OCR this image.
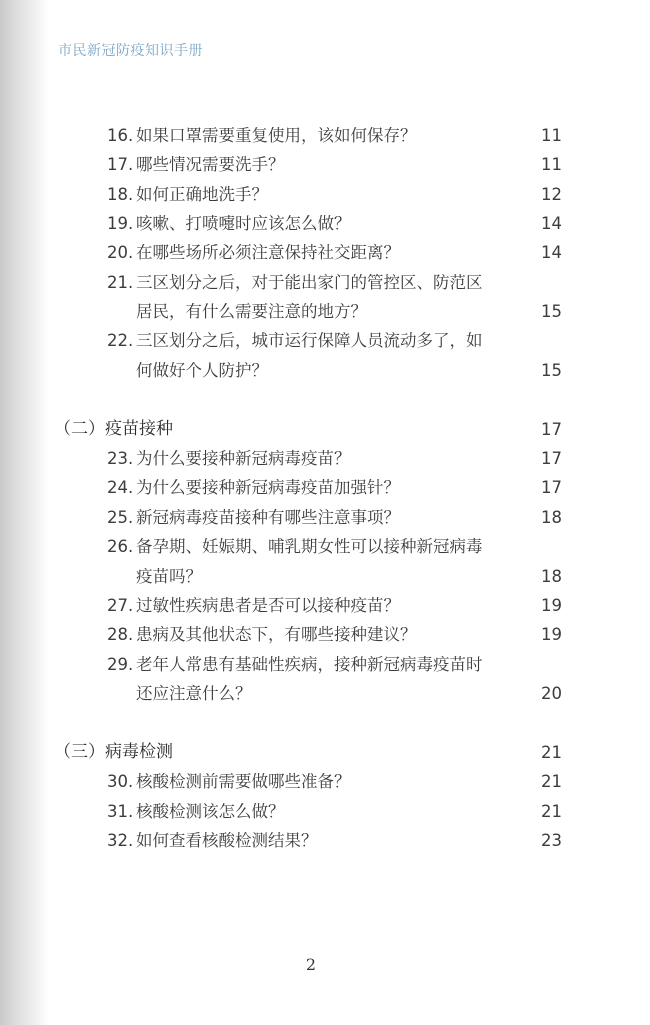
市民新冠防疫知识手册
16. 如果口罩需要重复使用，该如何保存？	11
17. 哪些情况需要洗手？	11
18. 如何正确地洗手？	12
19. 咳嗽、打喷嚏时应该怎么做？	14
20. 在哪些场所必须注意保持社交距离？	14
21. 三区划分之后，对于能出家门的管控区、防范区
居民，有什么需要注意的地方？	15
22. 三区划分之后，城市运行保障人员流动多了，如
何做好个人防护？	15
（二）疫苗接种	17
23. 为什么要接种新冠病毒疫苗？	17
24. 为什么要接种新冠病毒疫苗加强针？	17
25. 新冠病毒疫苗接种有哪些注意事项？	18
26. 备孕期、妊娠期、哺乳期女性可以接种新冠病毒
疫苗吗？	18
27. 过敏性疾病患者是否可以接种疫苗？	19
28. 患病及其他状态下，有哪些接种建议？	19
29. 老年人常患有基础性疾病，接种新冠病毒疫苗时
还应注意什么？	20
（三）病毒检测	21
30. 核酸检测前需要做哪些准备？	21
31. 核酸检测该怎么做？	21
32. 如何查看核酸检测结果？	23
2
